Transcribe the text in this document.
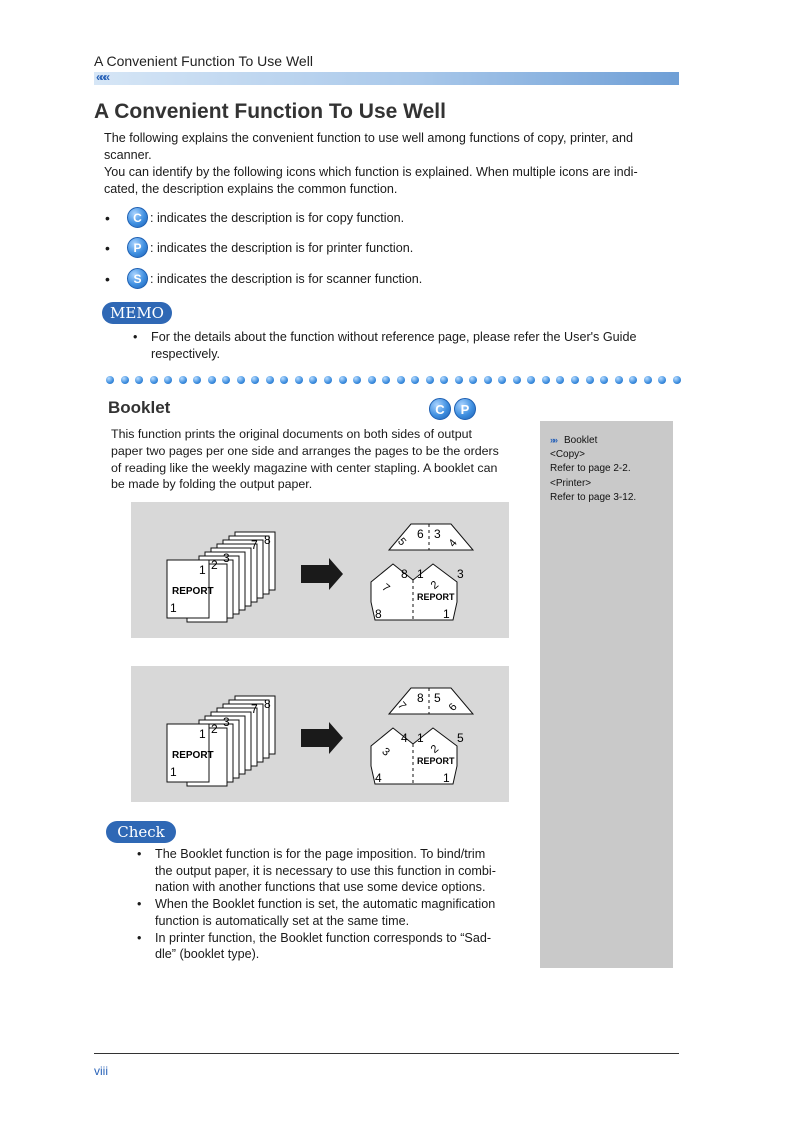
A Convenient Function To Use Well
«««
A Convenient Function To Use Well
The following explains the convenient function to use well among functions of copy, printer, and
scanner.
You can identify by the following icons which function is explained. When multiple icons are indi-
cated, the description explains the common function.
•	C : indicates the description is for copy function.
•	P : indicates the description is for printer function.
•	S : indicates the description is for scanner function.
MEMO
•	For the details about the function without reference page, please refer the User's Guide
respectively.
Booklet	C	P
This function prints the original documents on both sides of output
paper two pages per one side and arranges the pages to be the orders
of reading like the weekly magazine with center stapling. A booklet can
be made by folding the output paper.
»» Booklet
<Copy>
Refer to page 2-2.
<Printer>
Refer to page 3-12.
8
7
3
2
1
REPORT
1
6 3
5	4
8 1	3
7	2
REPORT
8	1
8
7
3
2
1
REPORT
1
8 5
7	6
4 1	5
3	2
REPORT
4	1
Check
•	The Booklet function is for the page imposition. To bind/trim
the output paper, it is necessary to use this function in combi-
nation with another functions that use some device options.
•	When the Booklet function is set, the automatic magnification
function is automatically set at the same time.
•	In printer function, the Booklet function corresponds to “Sad-
dle” (booklet type).
viii
